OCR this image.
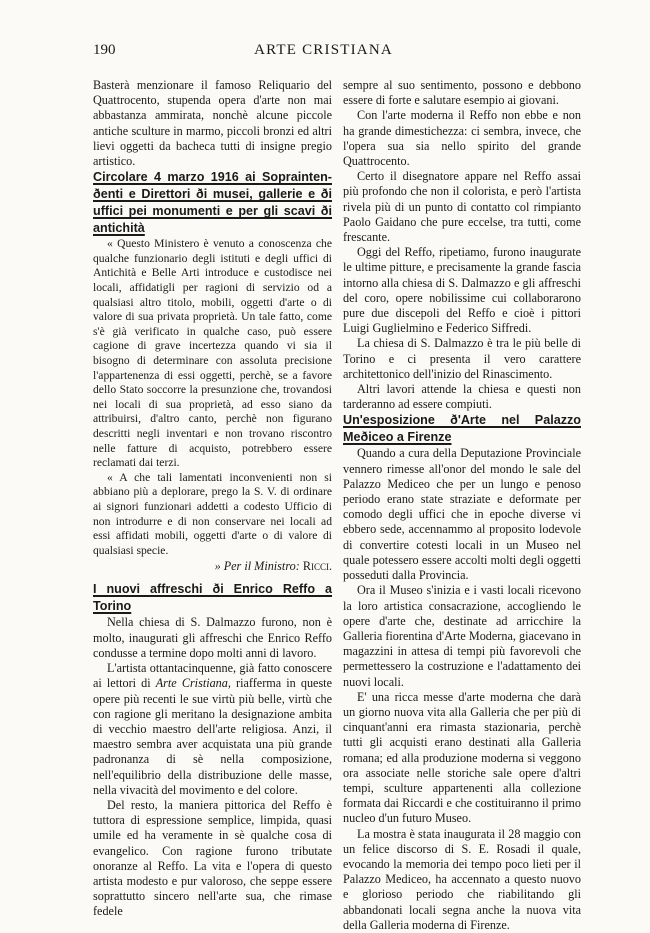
190	ARTE CRISTIANA

Basterà menzionare il famoso Reliquario del Quattrocento, stupenda opera d'arte non mai abbastanza ammirata, nonchè alcune piccole antiche sculture in marmo, piccoli bronzi ed altri lievi oggetti da bacheca tutti di insigne pregio artistico.

Circolare 4 marzo 1916 ai Soprainten-ðenti e Direttori ði musei, gallerie e ði uffici pei monumenti e per gli scavi ði antichità

« Questo Ministero è venuto a conoscenza che qualche funzionario degli istituti e degli uffici di Antichità e Belle Arti introduce e custodisce nei locali, affidatigli per ragioni di servizio od a qualsiasi altro titolo, mobili, oggetti d'arte o di valore di sua privata proprietà. Un tale fatto, come s'è già verificato in qualche caso, può essere cagione di grave incertezza quando vi sia il bisogno di determinare con assoluta precisione l'appartenenza di essi oggetti, perchè, se a favore dello Stato soccorre la presunzione che, trovandosi nei locali di sua proprietà, ad esso siano da attribuirsi, d'altro canto, perchè non figurano descritti negli inventari e non trovano riscontro nelle fatture di acquisto, potrebbero essere reclamati dai terzi.

« A che tali lamentati inconvenienti non si abbiano più a deplorare, prego la S. V. di ordinare ai signori funzionari addetti a codesto Ufficio di non introdurre e di non conservare nei locali ad essi affidati mobili, oggetti d'arte o di valore di qualsiasi specie.

» Per il Ministro: Ricci.

I nuovi affreschi ði Enrico Reffo a Torino

Nella chiesa di S. Dalmazzo furono, non è molto, inaugurati gli affreschi che Enrico Reffo condusse a termine dopo molti anni di lavoro.

L'artista ottantacinquenne, già fatto conoscere ai lettori di Arte Cristiana, riafferma in queste opere più recenti le sue virtù più belle, virtù che con ragione gli meritano la designazione ambita di vecchio maestro dell'arte religiosa. Anzi, il maestro sembra aver acquistata una più grande padronanza di sè nella composizione, nell'equilibrio della distribuzione delle masse, nella vivacità del movimento e del colore.

Del resto, la maniera pittorica del Reffo è tuttora di espressione semplice, limpida, quasi umile ed ha veramente in sè qualche cosa di evangelico. Con ragione furono tributate onoranze al Reffo. La vita e l'opera di questo artista modesto e pur valoroso, che seppe essere soprattutto sincero nell'arte sua, che rimase fedele

sempre al suo sentimento, possono e debbono essere di forte e salutare esempio ai giovani.

Con l'arte moderna il Reffo non ebbe e non ha grande dimestichezza: ci sembra, invece, che l'opera sua sia nello spirito del grande Quattrocento.

Certo il disegnatore appare nel Reffo assai più profondo che non il colorista, e però l'artista rivela più di un punto di contatto col rimpianto Paolo Gaidano che pure eccelse, tra tutti, come frescante.

Oggi del Reffo, ripetiamo, furono inaugurate le ultime pitture, e precisamente la grande fascia intorno alla chiesa di S. Dalmazzo e gli affreschi del coro, opere nobilissime cui collaborarono pure due discepoli del Reffo e cioè i pittori Luigi Guglielmino e Federico Siffredi.

La chiesa di S. Dalmazzo è tra le più belle di Torino e ci presenta il vero carattere architettonico dell'inizio del Rinascimento.

Altri lavori attende la chiesa e questi non tarderanno ad essere compiuti.

Un'esposizione ð'Arte nel Palazzo Meðiceo a Firenze

Quando a cura della Deputazione Provinciale vennero rimesse all'onor del mondo le sale del Palazzo Mediceo che per un lungo e penoso periodo erano state straziate e deformate per comodo degli uffici che in epoche diverse vi ebbero sede, accennammo al proposito lodevole di convertire cotesti locali in un Museo nel quale potessero essere accolti molti degli oggetti posseduti dalla Provincia.

Ora il Museo s'inizia e i vasti locali ricevono la loro artistica consacrazione, accogliendo le opere d'arte che, destinate ad arricchire la Galleria fiorentina d'Arte Moderna, giacevano in magazzini in attesa di tempi più favorevoli che permettessero la costruzione e l'adattamento dei nuovi locali.

E' una ricca messe d'arte moderna che darà un giorno nuova vita alla Galleria che per più di cinquant'anni era rimasta stazionaria, perchè tutti gli acquisti erano destinati alla Galleria romana; ed alla produzione moderna si veggono ora associate nelle storiche sale opere d'altri tempi, sculture appartenenti alla collezione formata dai Riccardi e che costituiranno il primo nucleo d'un futuro Museo.

La mostra è stata inaugurata il 28 maggio con un felice discorso di S. E. Rosadi il quale, evocando la memoria dei tempo poco lieti per il Palazzo Mediceo, ha accennato a questo nuovo e glorioso periodo che riabilitando gli abbandonati locali segna anche la nuova vita della Galleria moderna di Firenze.
